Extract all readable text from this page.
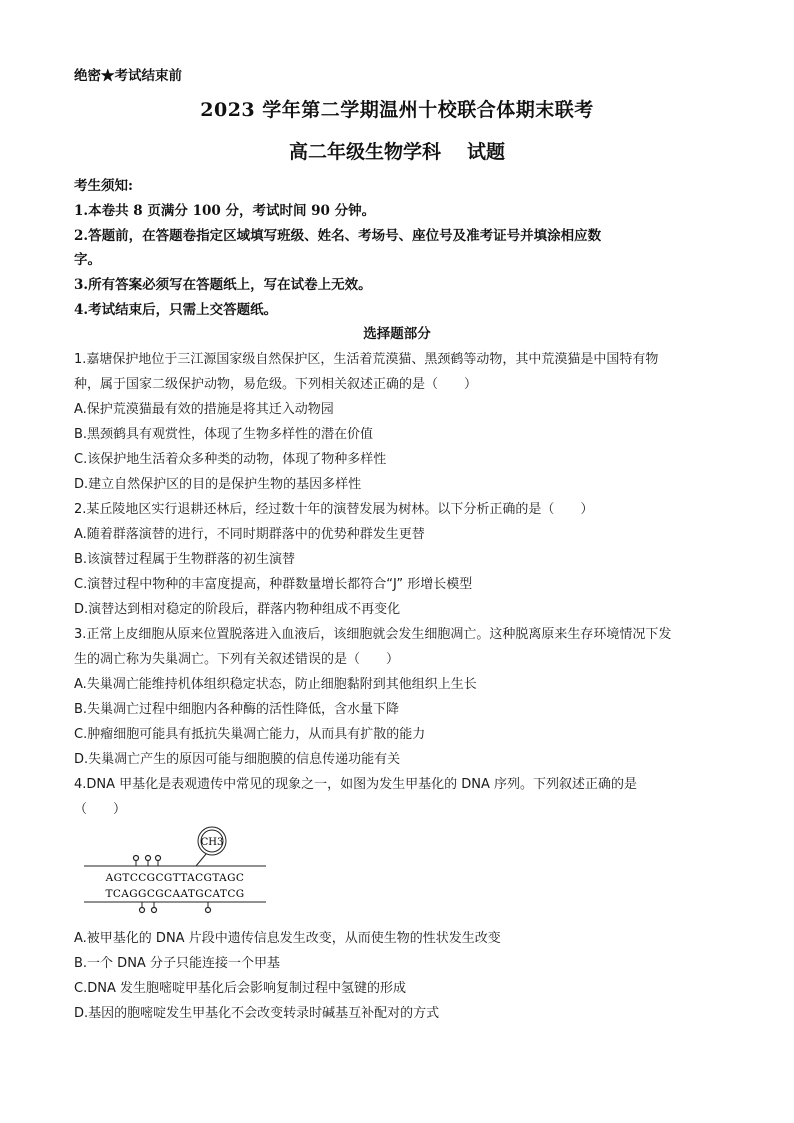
绝密★考试结束前
2023 学年第二学期温州十校联合体期末联考
高二年级生物学科 试题
考生须知:
1.本卷共 8 页满分 100 分，考试时间 90 分钟。
2.答题前，在答题卷指定区域填写班级、姓名、考场号、座位号及准考证号并填涂相应数
字。
3.所有答案必须写在答题纸上，写在试卷上无效。
4.考试结束后，只需上交答题纸。
选择题部分
1.嘉塘保护地位于三江源国家级自然保护区，生活着荒漠猫、黑颈鹤等动物，其中荒漠猫是中国特有物
种，属于国家二级保护动物，易危级。下列相关叙述正确的是（　　）
A.保护荒漠猫最有效的措施是将其迁入动物园
B.黑颈鹤具有观赏性，体现了生物多样性的潜在价值
C.该保护地生活着众多种类的动物，体现了物种多样性
D.建立自然保护区的目的是保护生物的基因多样性
2.某丘陵地区实行退耕还林后，经过数十年的演替发展为树林。以下分析正确的是（　　）
A.随着群落演替的进行，不同时期群落中的优势种群发生更替
B.该演替过程属于生物群落的初生演替
C.演替过程中物种的丰富度提高，种群数量增长都符合“J” 形增长模型
D.演替达到相对稳定的阶段后，群落内物种组成不再变化
3.正常上皮细胞从原来位置脱落进入血液后，该细胞就会发生细胞凋亡。这种脱离原来生存环境情况下发
生的凋亡称为失巢凋亡。下列有关叙述错误的是（　　）
A.失巢凋亡能维持机体组织稳定状态，防止细胞黏附到其他组织上生长
B.失巢凋亡过程中细胞内各种酶的活性降低，含水量下降
C.肿瘤细胞可能具有抵抗失巢凋亡能力，从而具有扩散的能力
D.失巢凋亡产生的原因可能与细胞膜的信息传递功能有关
4.DNA 甲基化是表观遗传中常见的现象之一，如图为发生甲基化的 DNA 序列。下列叙述正确的是
（　　）
CH3
AGTCCGCGTTACGTAGC
TCAGGCGCAATGCATCG
A.被甲基化的 DNA 片段中遗传信息发生改变，从而使生物的性状发生改变
B.一个 DNA 分子只能连接一个甲基
C.DNA 发生胞嘧啶甲基化后会影响复制过程中氢键的形成
D.基因的胞嘧啶发生甲基化不会改变转录时碱基互补配对的方式
